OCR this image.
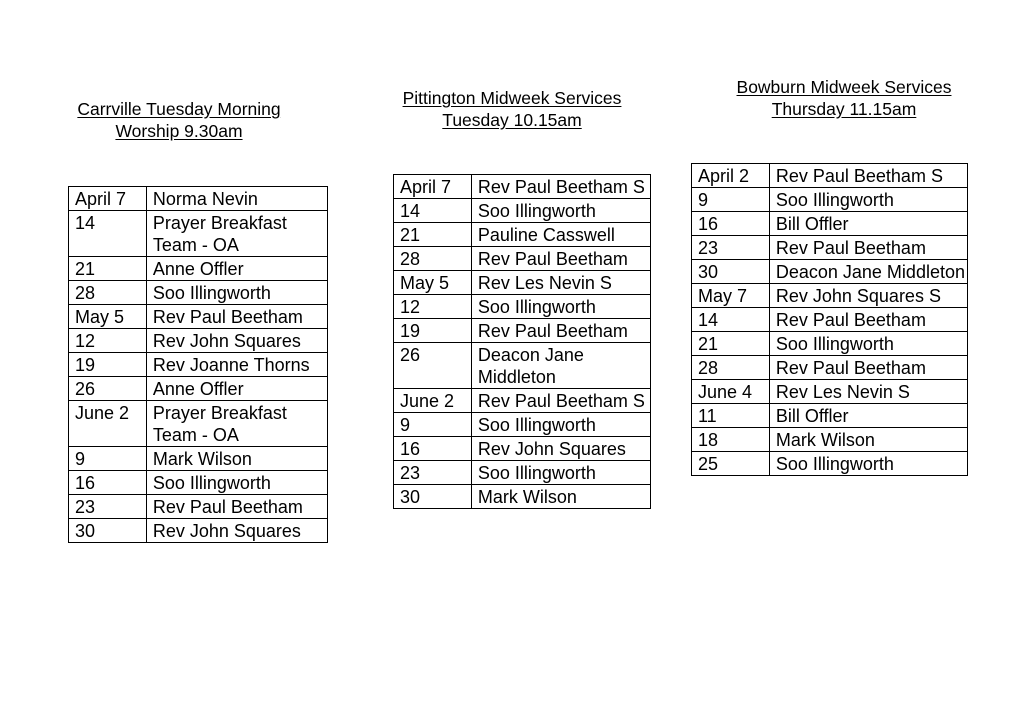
Carrville Tuesday Morning
Worship 9.30am
April 7	Norma Nevin
14	Prayer Breakfast Team - OA
21	Anne Offler
28	Soo Illingworth
May 5	Rev Paul Beetham
12	Rev John Squares
19	Rev Joanne Thorns
26	Anne Offler
June 2	Prayer Breakfast Team - OA
9	Mark Wilson
16	Soo Illingworth
23	Rev Paul Beetham
30	Rev John Squares
Pittington Midweek Services
Tuesday 10.15am
April 7	Rev Paul Beetham S
14	Soo Illingworth
21	Pauline Casswell
28	Rev Paul Beetham
May 5	Rev Les Nevin S
12	Soo Illingworth
19	Rev Paul Beetham
26	Deacon Jane Middleton
June 2	Rev Paul Beetham S
9	Soo Illingworth
16	Rev John Squares
23	Soo Illingworth
30	Mark Wilson
Bowburn Midweek Services
Thursday 11.15am
April 2	Rev Paul Beetham S
9	Soo Illingworth
16	Bill Offler
23	Rev Paul Beetham
30	Deacon Jane Middleton
May 7	Rev John Squares S
14	Rev Paul Beetham
21	Soo Illingworth
28	Rev Paul Beetham
June 4	Rev Les Nevin S
11	Bill Offler
18	Mark Wilson
25	Soo Illingworth
